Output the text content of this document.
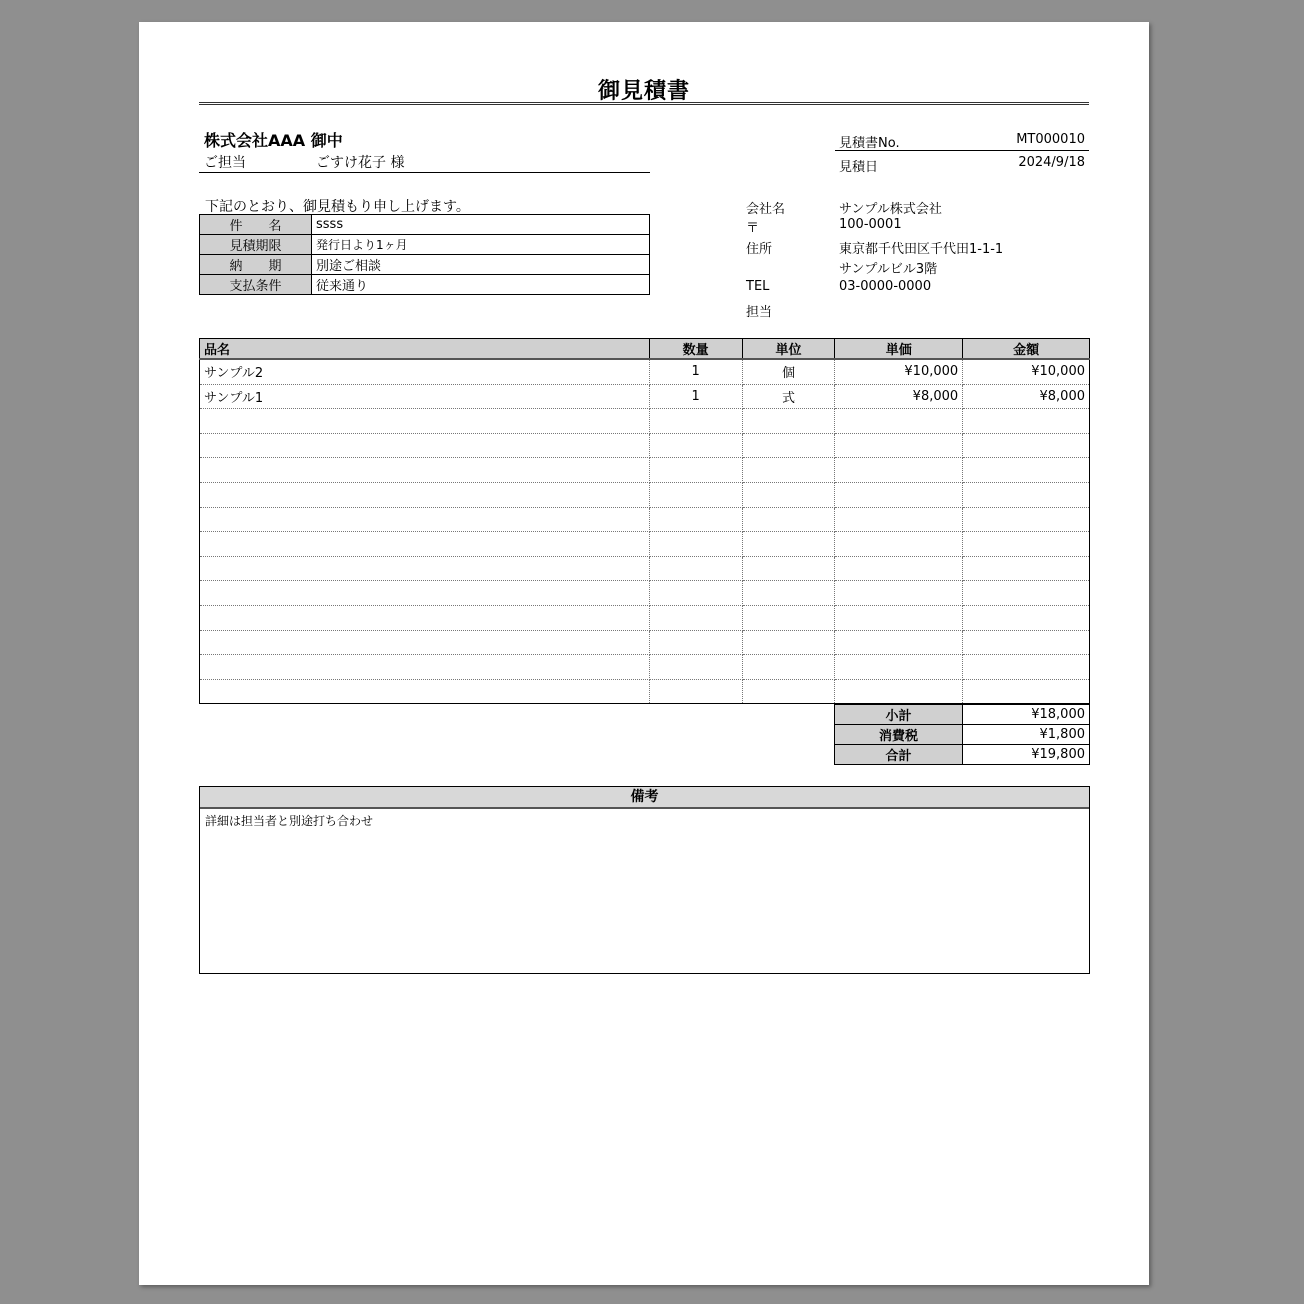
御見積書
株式会社AAA 御中
ご担当	ごすけ花子 様
見積書No.	MT000010
見積日	2024/9/18
下記のとおり、御見積もり申し上げます。
件　　名	ssss
見積期限	発行日より1ヶ月
納　　期	別途ご相談
支払条件	従来通り
会社名	サンプル株式会社
〒	100-0001
住所	東京都千代田区千代田1-1-1
サンプルビル3階
TEL	03-0000-0000
担当
品名	数量	単位	単価	金額
サンプル2	1	個	¥10,000	¥10,000
サンプル1	1	式	¥8,000	¥8,000

小計	¥18,000
消費税	¥1,800
合計	¥19,800
備考
詳細は担当者と別途打ち合わせ
